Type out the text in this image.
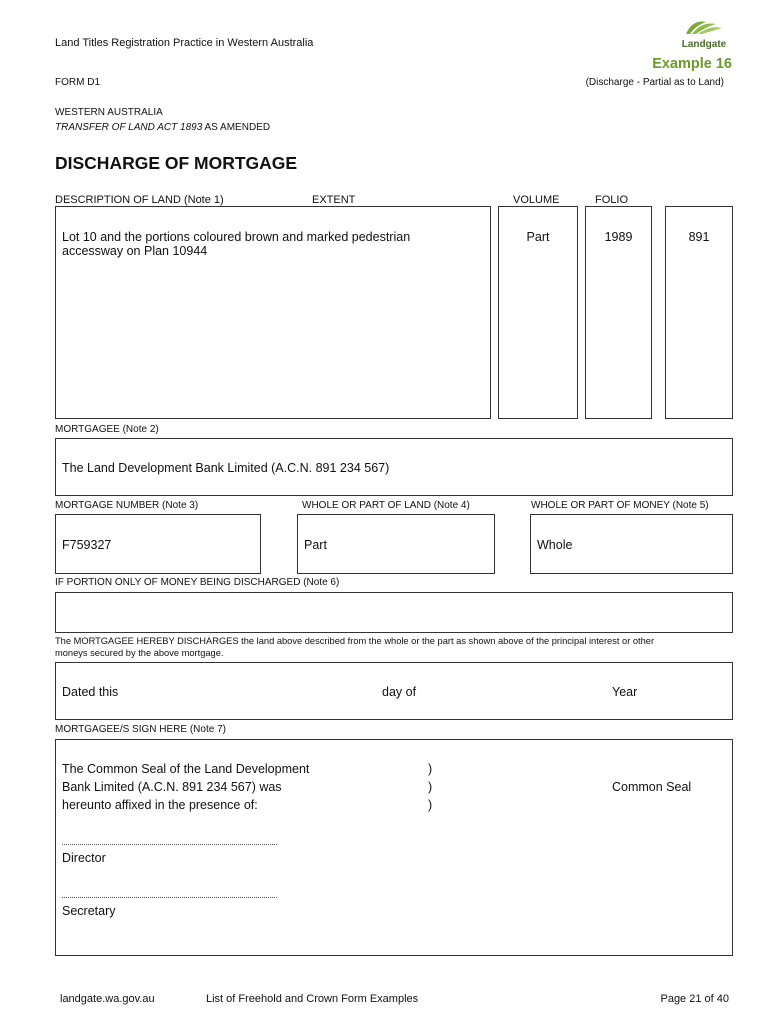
Land Titles Registration Practice in Western Australia	Landgate
Example 16
FORM D1	(Discharge - Partial as to Land)
WESTERN AUSTRALIA
TRANSFER OF LAND ACT 1893 AS AMENDED
DISCHARGE OF MORTGAGE
DESCRIPTION OF LAND (Note 1)	EXTENT	VOLUME	FOLIO
Lot 10 and the portions coloured brown and marked pedestrian
accessway on Plan 10944
Part	1989	891
MORTGAGEE (Note 2)
The Land Development Bank Limited (A.C.N. 891 234 567)
MORTGAGE NUMBER (Note 3)	WHOLE OR PART OF LAND (Note 4)	WHOLE OR PART OF MONEY (Note 5)
F759327	Part	Whole
IF PORTION ONLY OF MONEY BEING DISCHARGED (Note 6)
The MORTGAGEE HEREBY DISCHARGES the land above described from the whole or the part as shown above of the principal interest or other
moneys secured by the above mortgage.
Dated this	day of	Year
MORTGAGEE/S SIGN HERE (Note 7)
The Common Seal of the Land Development
Bank Limited (A.C.N. 891 234 567) was
hereunto affixed in the presence of:
)
)
)
Common Seal
Director
Secretary
landgate.wa.gov.au	List of Freehold and Crown Form Examples	Page 21 of 40
